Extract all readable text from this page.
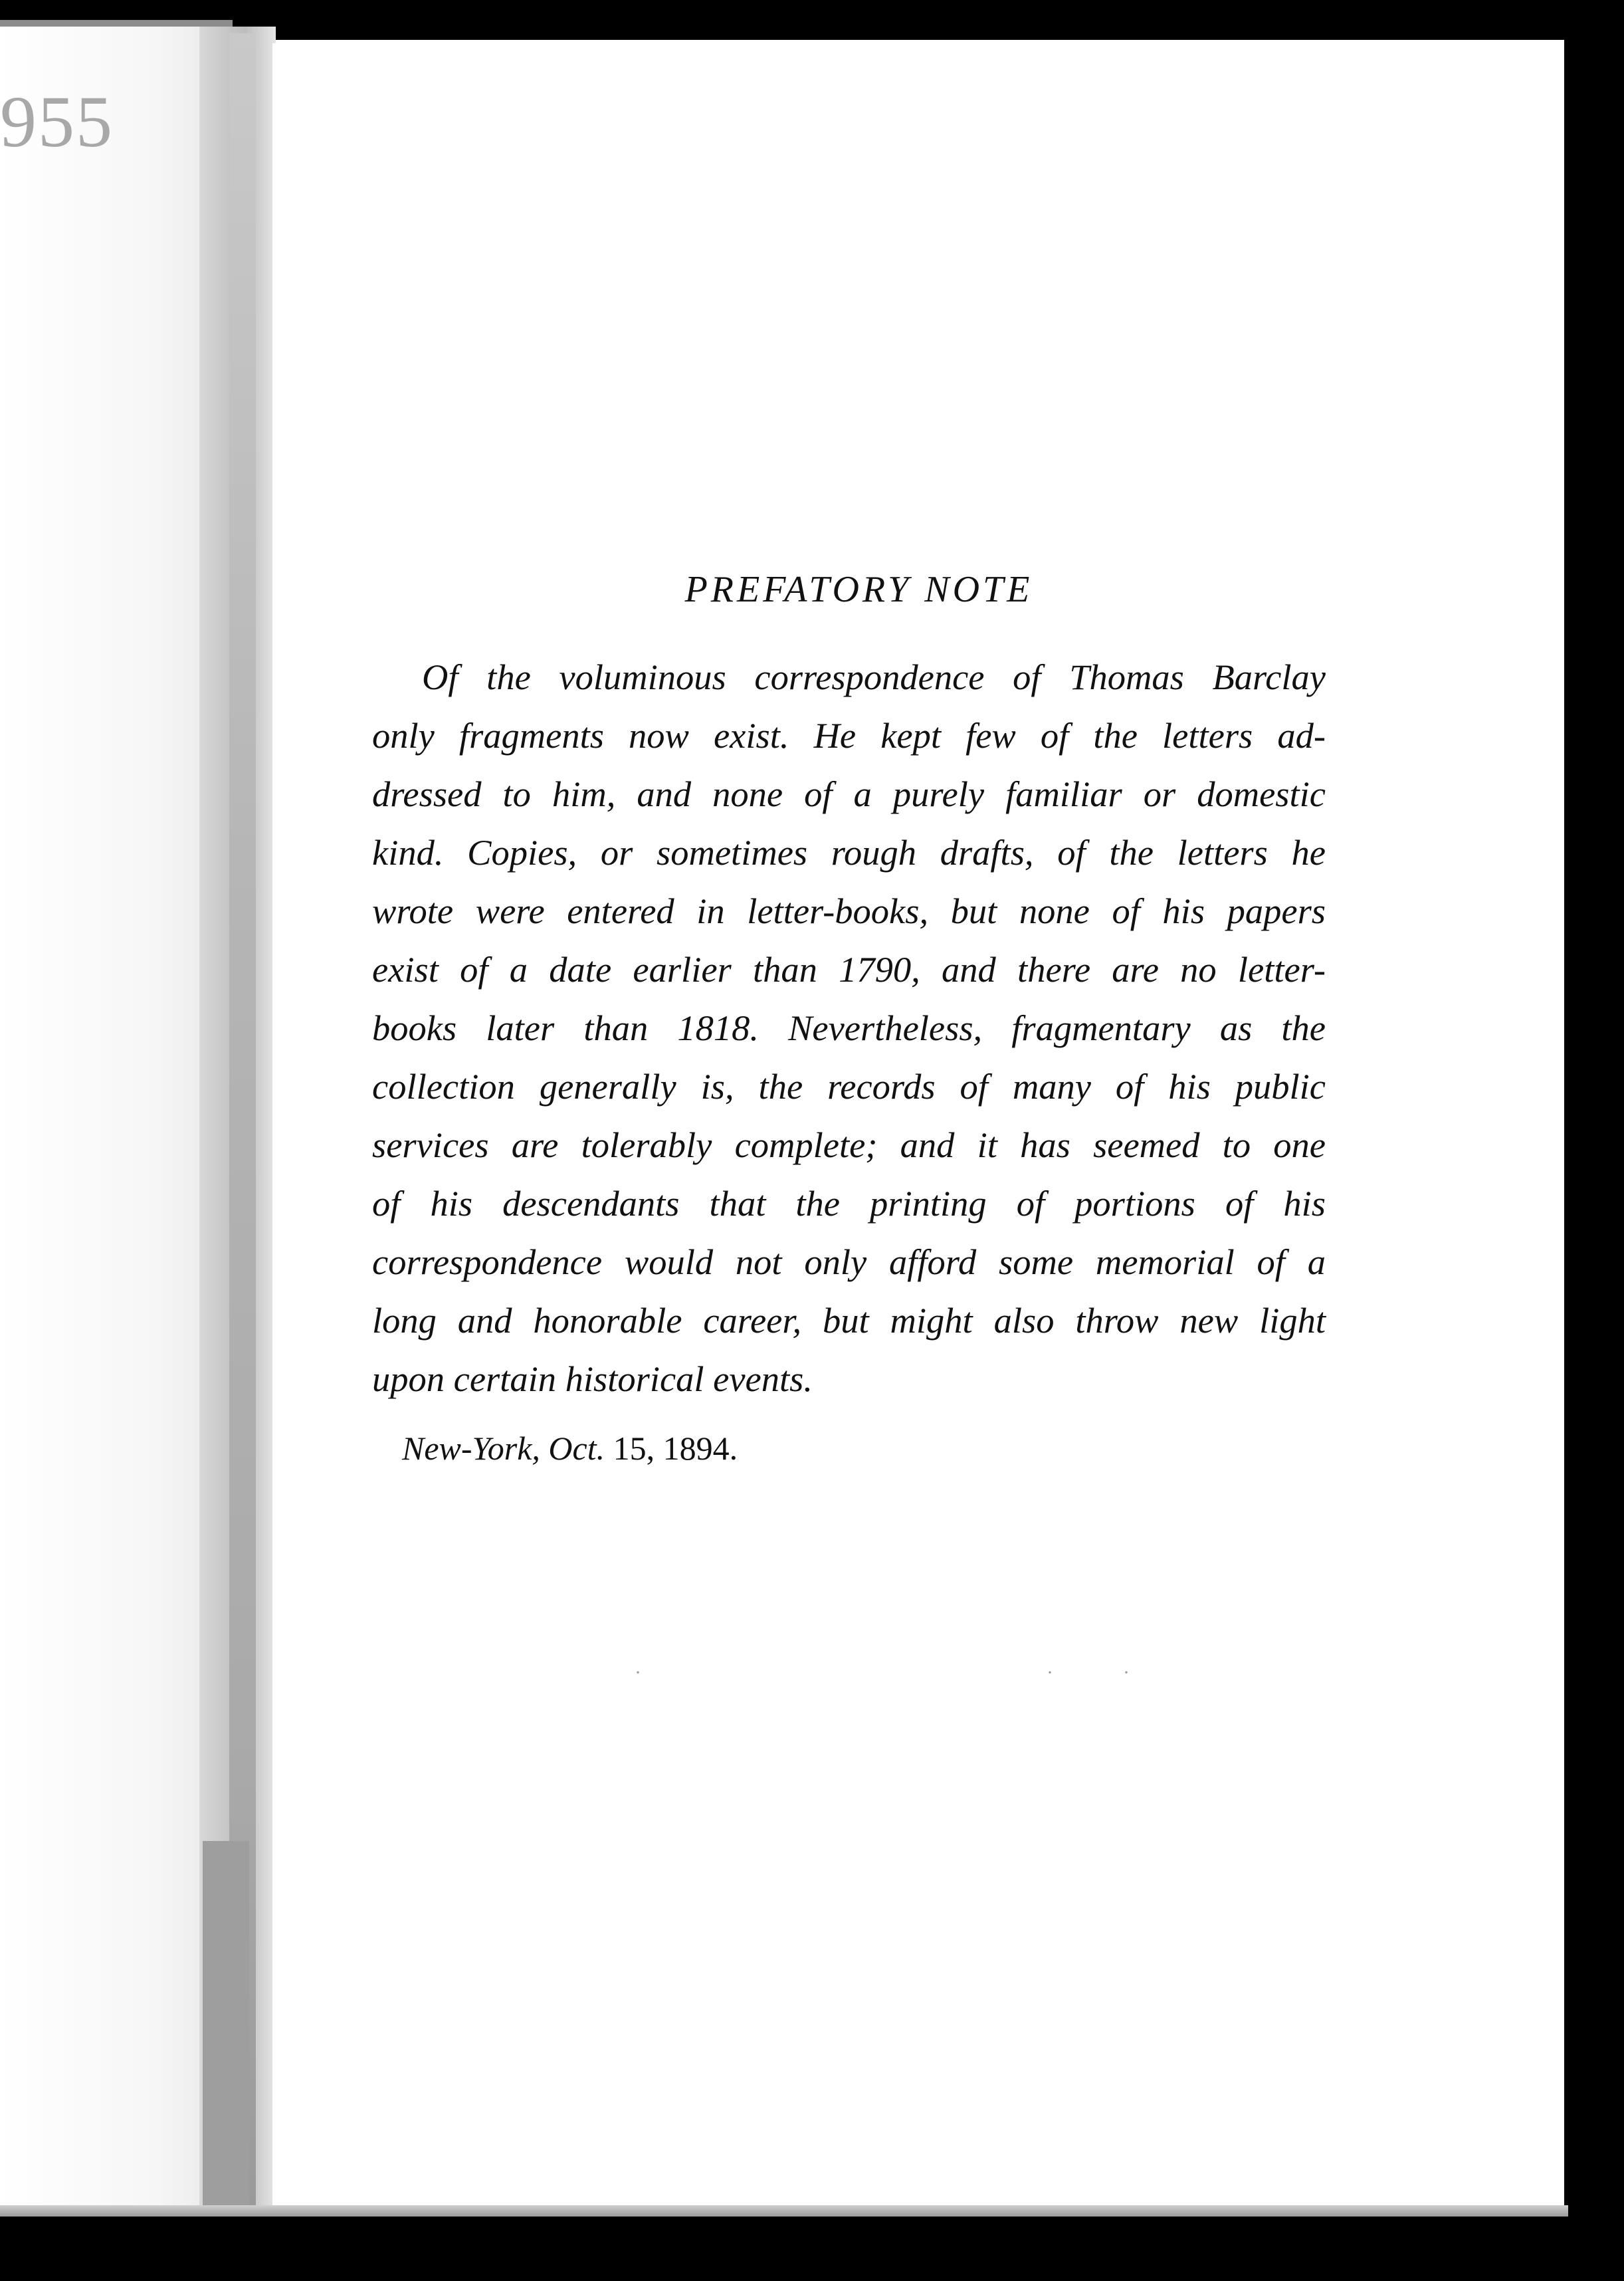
955
PREFATORY NOTE
Of the voluminous correspondence of Thomas Barclay
only fragments now exist. He kept few of the letters ad-
dressed to him, and none of a purely familiar or domestic
kind. Copies, or sometimes rough drafts, of the letters he
wrote were entered in letter-books, but none of his papers
exist of a date earlier than 1790, and there are no letter-
books later than 1818. Nevertheless, fragmentary as the
collection generally is, the records of many of his public
services are tolerably complete; and it has seemed to one
of his descendants that the printing of portions of his
correspondence would not only afford some memorial of a
long and honorable career, but might also throw new light
upon certain historical events.

New-York, Oct. 15, 1894.

·	·	·
